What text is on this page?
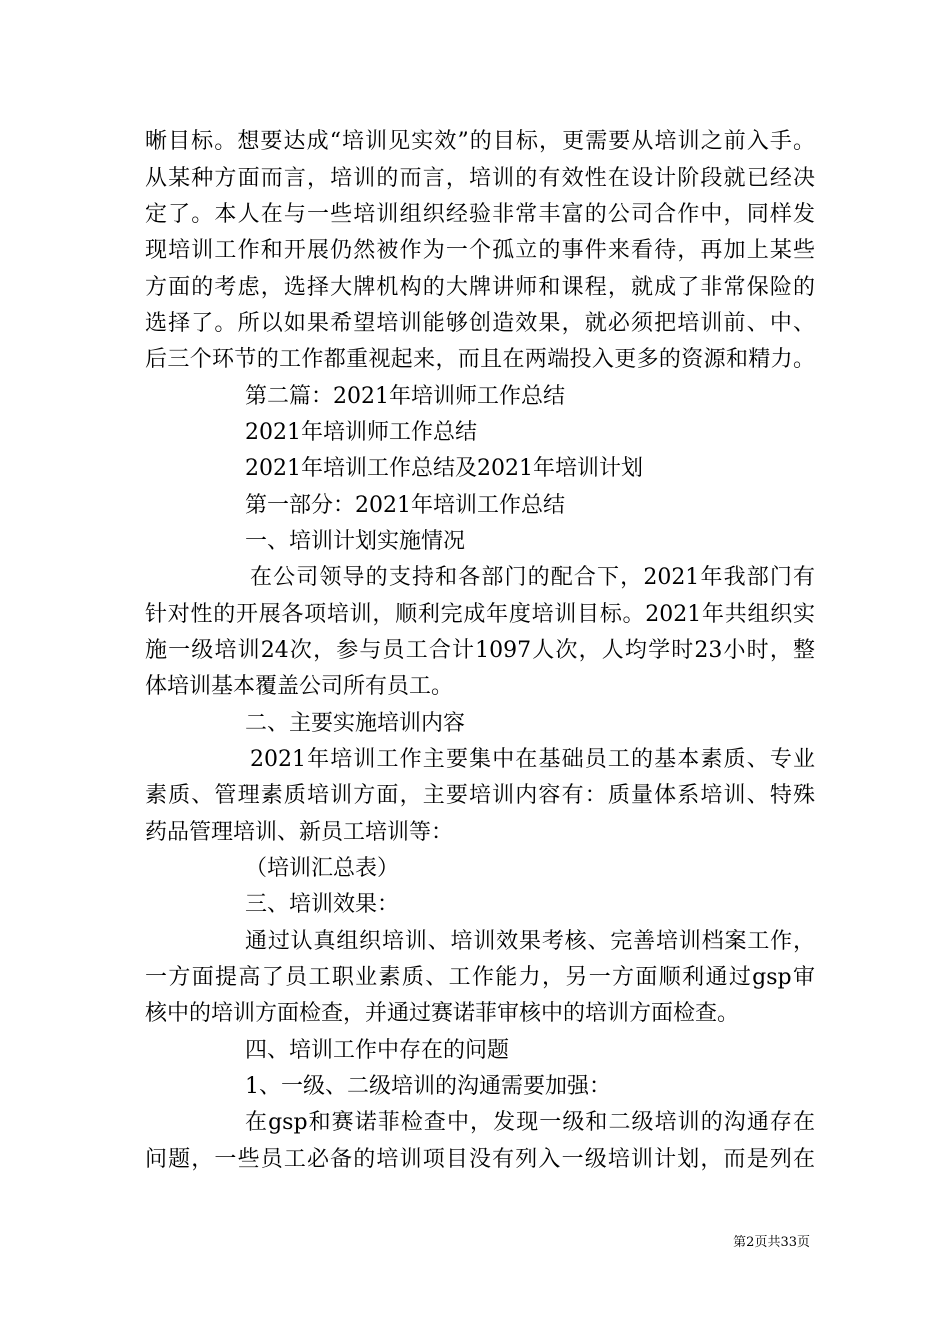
晰目标。想要达成“培训见实效”的目标，更需要从培训之前入手。
从某种方面而言，培训的而言，培训的有效性在设计阶段就已经决
定了。本人在与一些培训组织经验非常丰富的公司合作中，同样发
现培训工作和开展仍然被作为一个孤立的事件来看待，再加上某些
方面的考虑，选择大牌机构的大牌讲师和课程，就成了非常保险的
选择了。所以如果希望培训能够创造效果，就必须把培训前、中、
后三个环节的工作都重视起来，而且在两端投入更多的资源和精力。
第二篇：2021年培训师工作总结
2021年培训师工作总结
2021年培训工作总结及2021年培训计划
第一部分：2021年培训工作总结
一、培训计划实施情况
在公司领导的支持和各部门的配合下，2021年我部门有
针对性的开展各项培训，顺利完成年度培训目标。2021年共组织实
施一级培训24次，参与员工合计1097人次，人均学时23小时，整
体培训基本覆盖公司所有员工。
二、主要实施培训内容
2021年培训工作主要集中在基础员工的基本素质、专业
素质、管理素质培训方面，主要培训内容有：质量体系培训、特殊
药品管理培训、新员工培训等：
（培训汇总表）
三、培训效果：
通过认真组织培训、培训效果考核、完善培训档案工作，
一方面提高了员工职业素质、工作能力，另一方面顺利通过gsp审
核中的培训方面检查，并通过赛诺菲审核中的培训方面检查。
四、培训工作中存在的问题
1、一级、二级培训的沟通需要加强：
在gsp和赛诺菲检查中，发现一级和二级培训的沟通存在
问题，一些员工必备的培训项目没有列入一级培训计划，而是列在
第2页共33页
